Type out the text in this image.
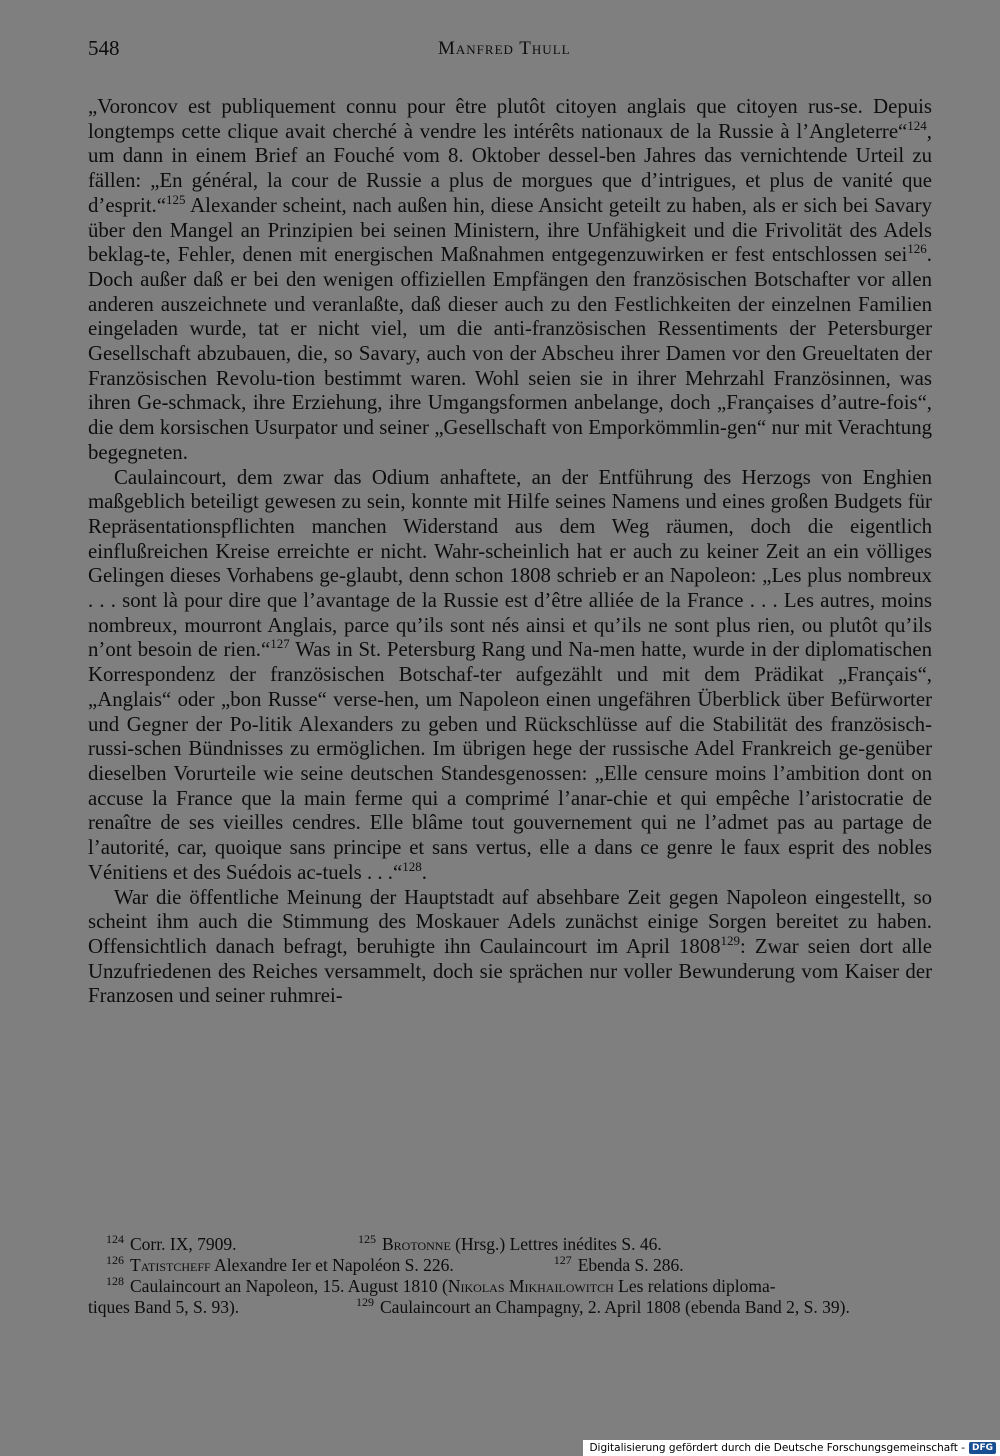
548	Manfred Thull

„Voroncov est publiquement connu pour être plutôt citoyen anglais que citoyen rus-se. Depuis longtemps cette clique avait cherché à vendre les intérêts nationaux de la Russie à l’Angleterre“$^{124}$, um dann in einem Brief an Fouché vom 8. Oktober dessel-ben Jahres das vernichtende Urteil zu fällen: „En général, la cour de Russie a plus de morgues que d’intrigues, et plus de vanité que d’esprit.“$^{125}$ Alexander scheint, nach außen hin, diese Ansicht geteilt zu haben, als er sich bei Savary über den Mangel an Prinzipien bei seinen Ministern, ihre Unfähigkeit und die Frivolität des Adels beklag-te, Fehler, denen mit energischen Maßnahmen entgegenzuwirken er fest entschlossen sei$^{126}$. Doch außer daß er bei den wenigen offiziellen Empfängen den französischen Botschafter vor allen anderen auszeichnete und veranlaßte, daß dieser auch zu den Festlichkeiten der einzelnen Familien eingeladen wurde, tat er nicht viel, um die anti-französischen Ressentiments der Petersburger Gesellschaft abzubauen, die, so Savary, auch von der Abscheu ihrer Damen vor den Greueltaten der Französischen Revolu-tion bestimmt waren. Wohl seien sie in ihrer Mehrzahl Französinnen, was ihren Ge-schmack, ihre Erziehung, ihre Umgangsformen anbelange, doch „Françaises d’autre-fois“, die dem korsischen Usurpator und seiner „Gesellschaft von Emporkömmlin-gen“ nur mit Verachtung begegneten.

Caulaincourt, dem zwar das Odium anhaftete, an der Entführung des Herzogs von Enghien maßgeblich beteiligt gewesen zu sein, konnte mit Hilfe seines Namens und eines großen Budgets für Repräsentationspflichten manchen Widerstand aus dem Weg räumen, doch die eigentlich einflußreichen Kreise erreichte er nicht. Wahr-scheinlich hat er auch zu keiner Zeit an ein völliges Gelingen dieses Vorhabens ge-glaubt, denn schon 1808 schrieb er an Napoleon: „Les plus nombreux . . . sont là pour dire que l’avantage de la Russie est d’être alliée de la France . . . Les autres, moins nombreux, mourront Anglais, parce qu’ils sont nés ainsi et qu’ils ne sont plus rien, ou plutôt qu’ils n’ont besoin de rien.“$^{127}$ Was in St. Petersburg Rang und Na-men hatte, wurde in der diplomatischen Korrespondenz der französischen Botschaf-ter aufgezählt und mit dem Prädikat „Français“, „Anglais“ oder „bon Russe“ verse-hen, um Napoleon einen ungefähren Überblick über Befürworter und Gegner der Po-litik Alexanders zu geben und Rückschlüsse auf die Stabilität des französisch-russi-schen Bündnisses zu ermöglichen. Im übrigen hege der russische Adel Frankreich ge-genüber dieselben Vorurteile wie seine deutschen Standesgenossen: „Elle censure moins l’ambition dont on accuse la France que la main ferme qui a comprimé l’anar-chie et qui empêche l’aristocratie de renaître de ses vieilles cendres. Elle blâme tout gouvernement qui ne l’admet pas au partage de l’autorité, car, quoique sans principe et sans vertus, elle a dans ce genre le faux esprit des nobles Vénitiens et des Suédois ac-tuels . . .“$^{128}$.

War die öffentliche Meinung der Hauptstadt auf absehbare Zeit gegen Napoleon eingestellt, so scheint ihm auch die Stimmung des Moskauer Adels zunächst einige Sorgen bereitet zu haben. Offensichtlich danach befragt, beruhigte ihn Caulaincourt im April 1808$^{129}$: Zwar seien dort alle Unzufriedenen des Reiches versammelt, doch sie sprächen nur voller Bewunderung vom Kaiser der Franzosen und seiner ruhmrei-

$^{124}$ Corr. IX, 7909.	$^{125}$ Brotonne (Hrsg.) Lettres inédites S. 46.
$^{126}$ Tatistcheff Alexandre Ier et Napoléon S. 226.	$^{127}$ Ebenda S. 286.
$^{128}$ Caulaincourt an Napoleon, 15. August 1810 (Nikolas Mikhailowitch Les relations diploma-
tiques Band 5, S. 93).	$^{129}$ Caulaincourt an Champagny, 2. April 1808 (ebenda Band 2, S. 39).
Digitalisierung gefördert durch die Deutsche Forschungsgemeinschaft - DFG
